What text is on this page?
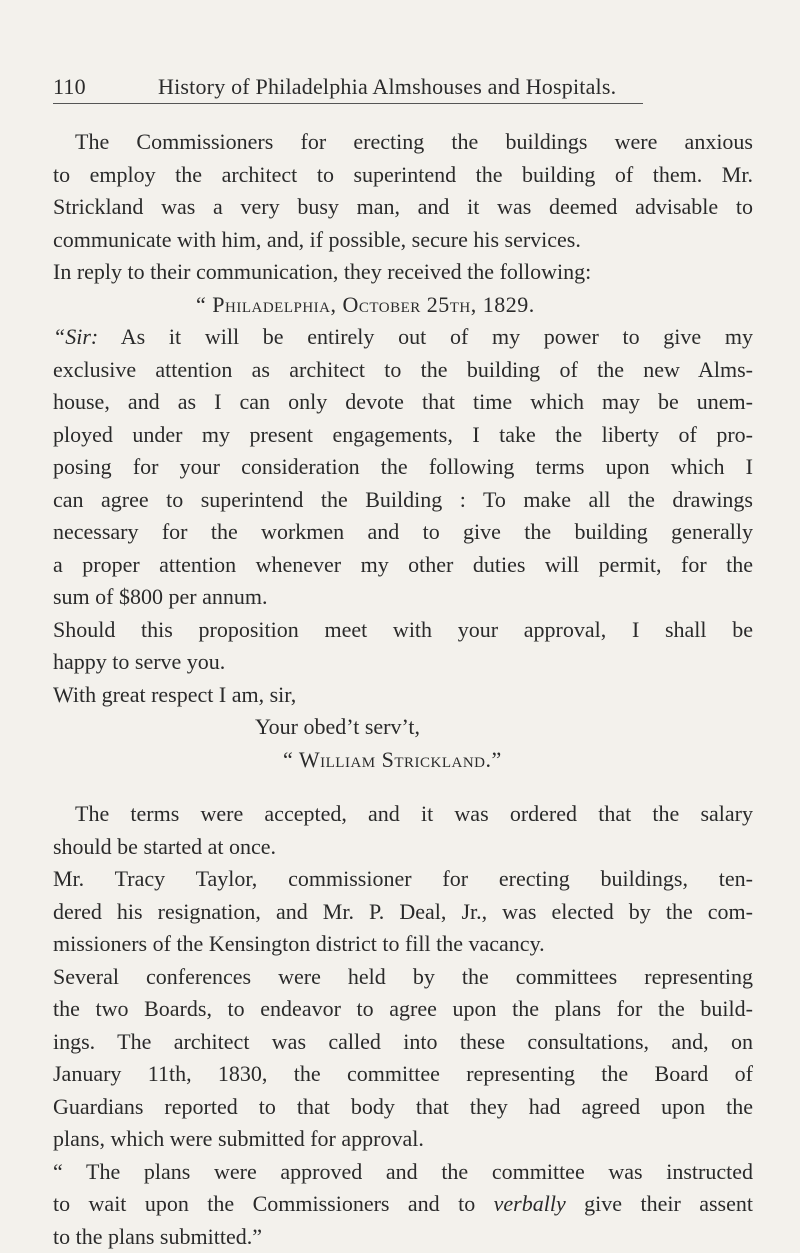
110	History of Philadelphia Almshouses and Hospitals.
The Commissioners for erecting the buildings were anxious
to employ the architect to superintend the building of them. Mr.
Strickland was a very busy man, and it was deemed advisable to
communicate with him, and, if possible, secure his services.
In reply to their communication, they received the following:
“ Philadelphia, October 25th, 1829.
“Sir: As it will be entirely out of my power to give my
exclusive attention as architect to the building of the new Alms-
house, and as I can only devote that time which may be unem-
ployed under my present engagements, I take the liberty of pro-
posing for your consideration the following terms upon which I
can agree to superintend the Building : To make all the drawings
necessary for the workmen and to give the building generally
a proper attention whenever my other duties will permit, for the
sum of $800 per annum.
Should this proposition meet with your approval, I shall be
happy to serve you.
With great respect I am, sir,
Your obed’t serv’t,
“ William Strickland.”
The terms were accepted, and it was ordered that the salary
should be started at once.
Mr. Tracy Taylor, commissioner for erecting buildings, ten-
dered his resignation, and Mr. P. Deal, Jr., was elected by the com-
missioners of the Kensington district to fill the vacancy.
Several conferences were held by the committees representing
the two Boards, to endeavor to agree upon the plans for the build-
ings. The architect was called into these consultations, and, on
January 11th, 1830, the committee representing the Board of
Guardians reported to that body that they had agreed upon the
plans, which were submitted for approval.
“ The plans were approved and the committee was instructed
to wait upon the Commissioners and to verbally give their assent
to the plans submitted.”
